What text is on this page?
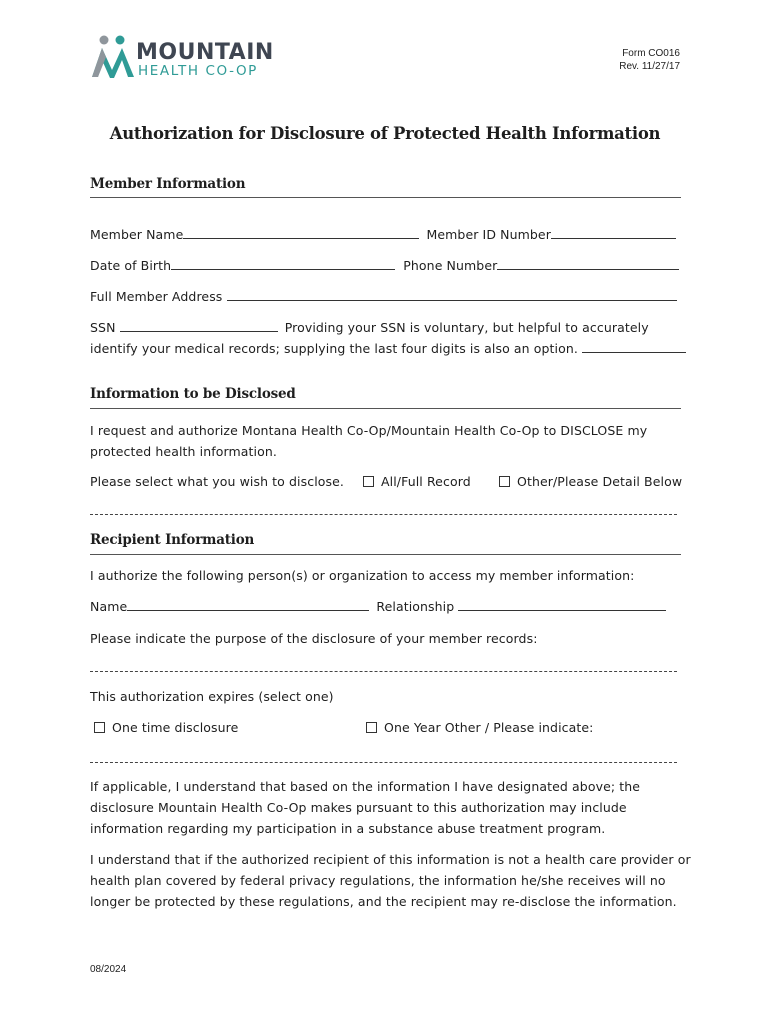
MOUNTAIN
HEALTH CO-OP
Form CO016
Rev. 11/27/17
Authorization for Disclosure of Protected Health Information
Member Information
Member Name	Member ID Number
Date of Birth	Phone Number
Full Member Address
SSN	Providing your SSN is voluntary, but helpful to accurately
identify your medical records; supplying the last four digits is also an option.
Information to be Disclosed
I request and authorize Montana Health Co-Op/Mountain Health Co-Op to DISCLOSE my
protected health information.
Please select what you wish to disclose.	All/Full Record	Other/Please Detail Below
Recipient Information
I authorize the following person(s) or organization to access my member information:
Name	Relationship
Please indicate the purpose of the disclosure of your member records:
This authorization expires (select one)
One time disclosure	One Year Other / Please indicate:
If applicable, I understand that based on the information I have designated above; the
disclosure Mountain Health Co-Op makes pursuant to this authorization may include
information regarding my participation in a substance abuse treatment program.
I understand that if the authorized recipient of this information is not a health care provider or
health plan covered by federal privacy regulations, the information he/she receives will no
longer be protected by these regulations, and the recipient may re-disclose the information.
08/2024
